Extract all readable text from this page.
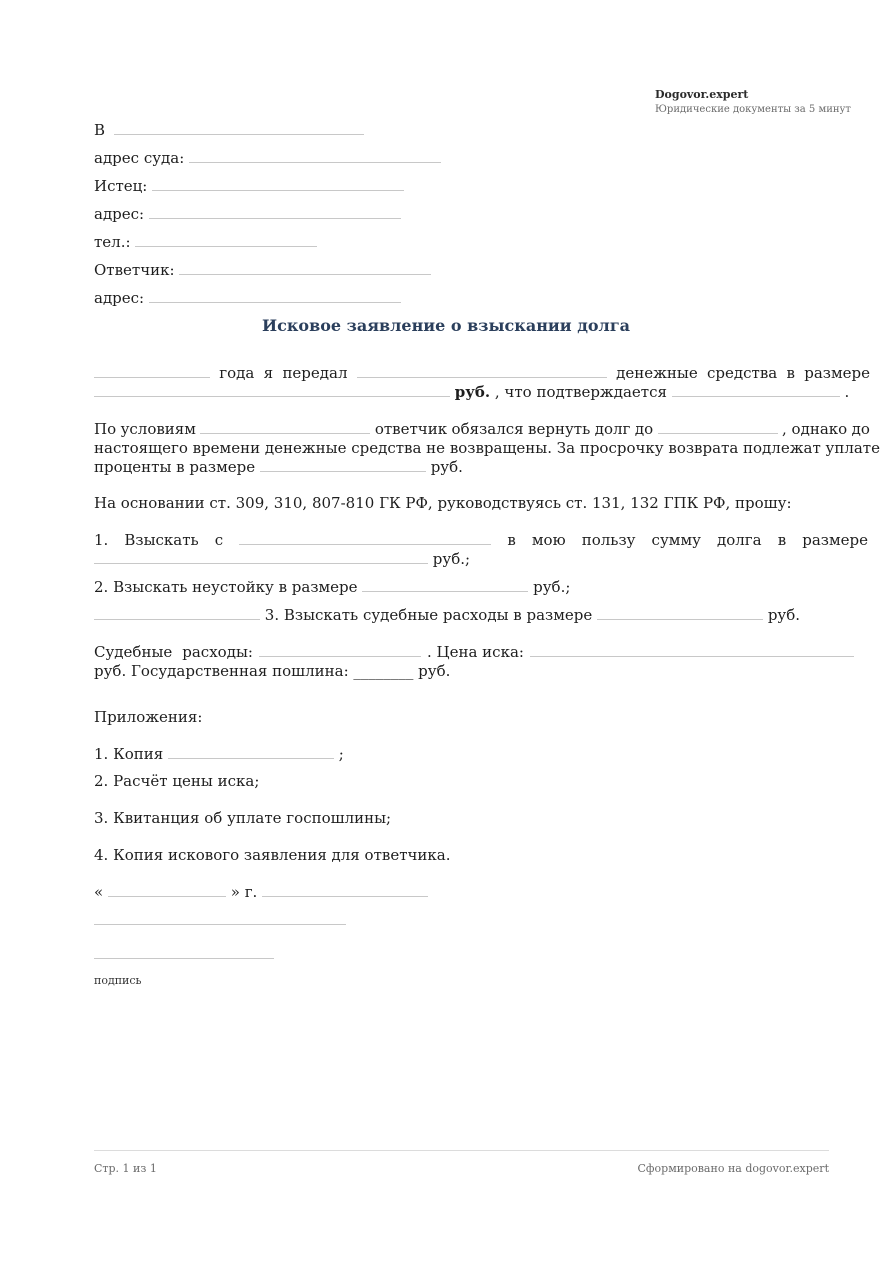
Dogovor.expert
Юридические документы за 5 минут
В
адрес суда:
Истец:
адрес:
тел.:
Ответчик:
адрес:
Исковое заявление о взыскании долга
года я передал	денежные средства в размере
руб. , что подтверждается	.
По условиям	ответчик обязался вернуть долг до	, однако до
настоящего времени денежные средства не возвращены. За просрочку возврата подлежат уплате
проценты в размере	руб.
На основании ст. 309, 310, 807-810 ГК РФ, руководствуясь ст. 131, 132 ГПК РФ, прошу:
1. Взыскать с	в мою пользу сумму долга в размере
руб.;
2. Взыскать неустойку в размере	руб.;
3. Взыскать судебные расходы в размере	руб.
Судебные расходы:	. Цена иска:
руб. Государственная пошлина: ________ руб.
Приложения:
1. Копия	;
2. Расчёт цены иска;
3. Квитанция об уплате госпошлины;
4. Копия искового заявления для ответчика.
«	» г.
подпись
Стр. 1 из 1	Сформировано на dogovor.expert
